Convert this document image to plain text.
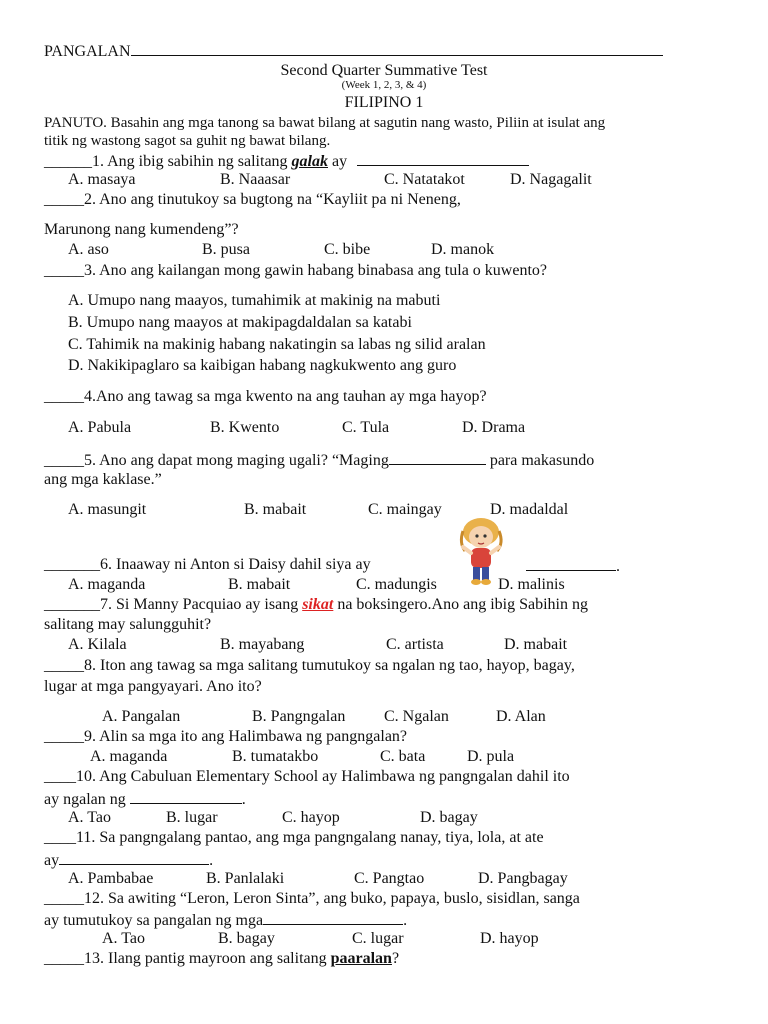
PANGALAN
Second Quarter Summative Test
(Week 1, 2, 3, & 4)
FILIPINO 1
PANUTO. Basahin ang mga tanong sa bawat bilang at sagutin nang wasto, Piliin at isulat ang
titik ng wastong sagot sa guhit ng bawat bilang.
______1. Ang ibig sabihin ng salitang galak ay
A. masaya	B. Naaasar	C. Natatakot	D. Nagagalit
_____2. Ano ang tinutukoy sa bugtong na “Kayliit pa ni Neneng,
Marunong nang kumendeng”?
A. aso	B. pusa	C. bibe	D. manok
_____3. Ano ang kailangan mong gawin habang binabasa ang tula o kuwento?
A. Umupo nang maayos, tumahimik at makinig na mabuti
B. Umupo nang maayos at makipagdaldalan sa katabi
C. Tahimik na makinig habang nakatingin sa labas ng silid aralan
D. Nakikipaglaro sa kaibigan habang nagkukwento ang guro
_____4.Ano ang tawag sa mga kwento na ang tauhan ay mga hayop?
A. Pabula	B. Kwento	C. Tula	D. Drama
_____5. Ano ang dapat mong maging ugali? “Maging	para makasundo
ang mga kaklase.”
A. masungit	B. mabait	C. maingay	D. madaldal
_______6. Inaaway ni Anton si Daisy dahil siya ay	.
A. maganda	B. mabait	C. madungis	D. malinis
_______7. Si Manny Pacquiao ay isang sikat na boksingero.Ano ang ibig Sabihin ng
salitang may salungguhit?
A. Kilala	B. mayabang	C. artista	D. mabait
_____8. Iton ang tawag sa mga salitang tumutukoy sa ngalan ng tao, hayop, bagay,
lugar at mga pangyayari. Ano ito?
A. Pangalan	B. Pangngalan C. Ngalan	D. Alan
_____9. Alin sa mga ito ang Halimbawa ng pangngalan?
A. maganda	B. tumatakbo	C. bata	D. pula
____10. Ang Cabuluan Elementary School ay Halimbawa ng pangngalan dahil ito
ay ngalan ng	.
A. Tao	B. lugar	C. hayop	D. bagay
____11. Sa pangngalang pantao, ang mga pangngalang nanay, tiya, lola, at ate
ay	.
A. Pambabae	B. Panlalaki	C. Pangtao	D. Pangbagay
_____12. Sa awiting “Leron, Leron Sinta”, ang buko, papaya, buslo, sisidlan, sanga
ay tumutukoy sa pangalan ng mga	.
A. Tao	B. bagay	C. lugar	D. hayop
_____13. Ilang pantig mayroon ang salitang paaralan?
